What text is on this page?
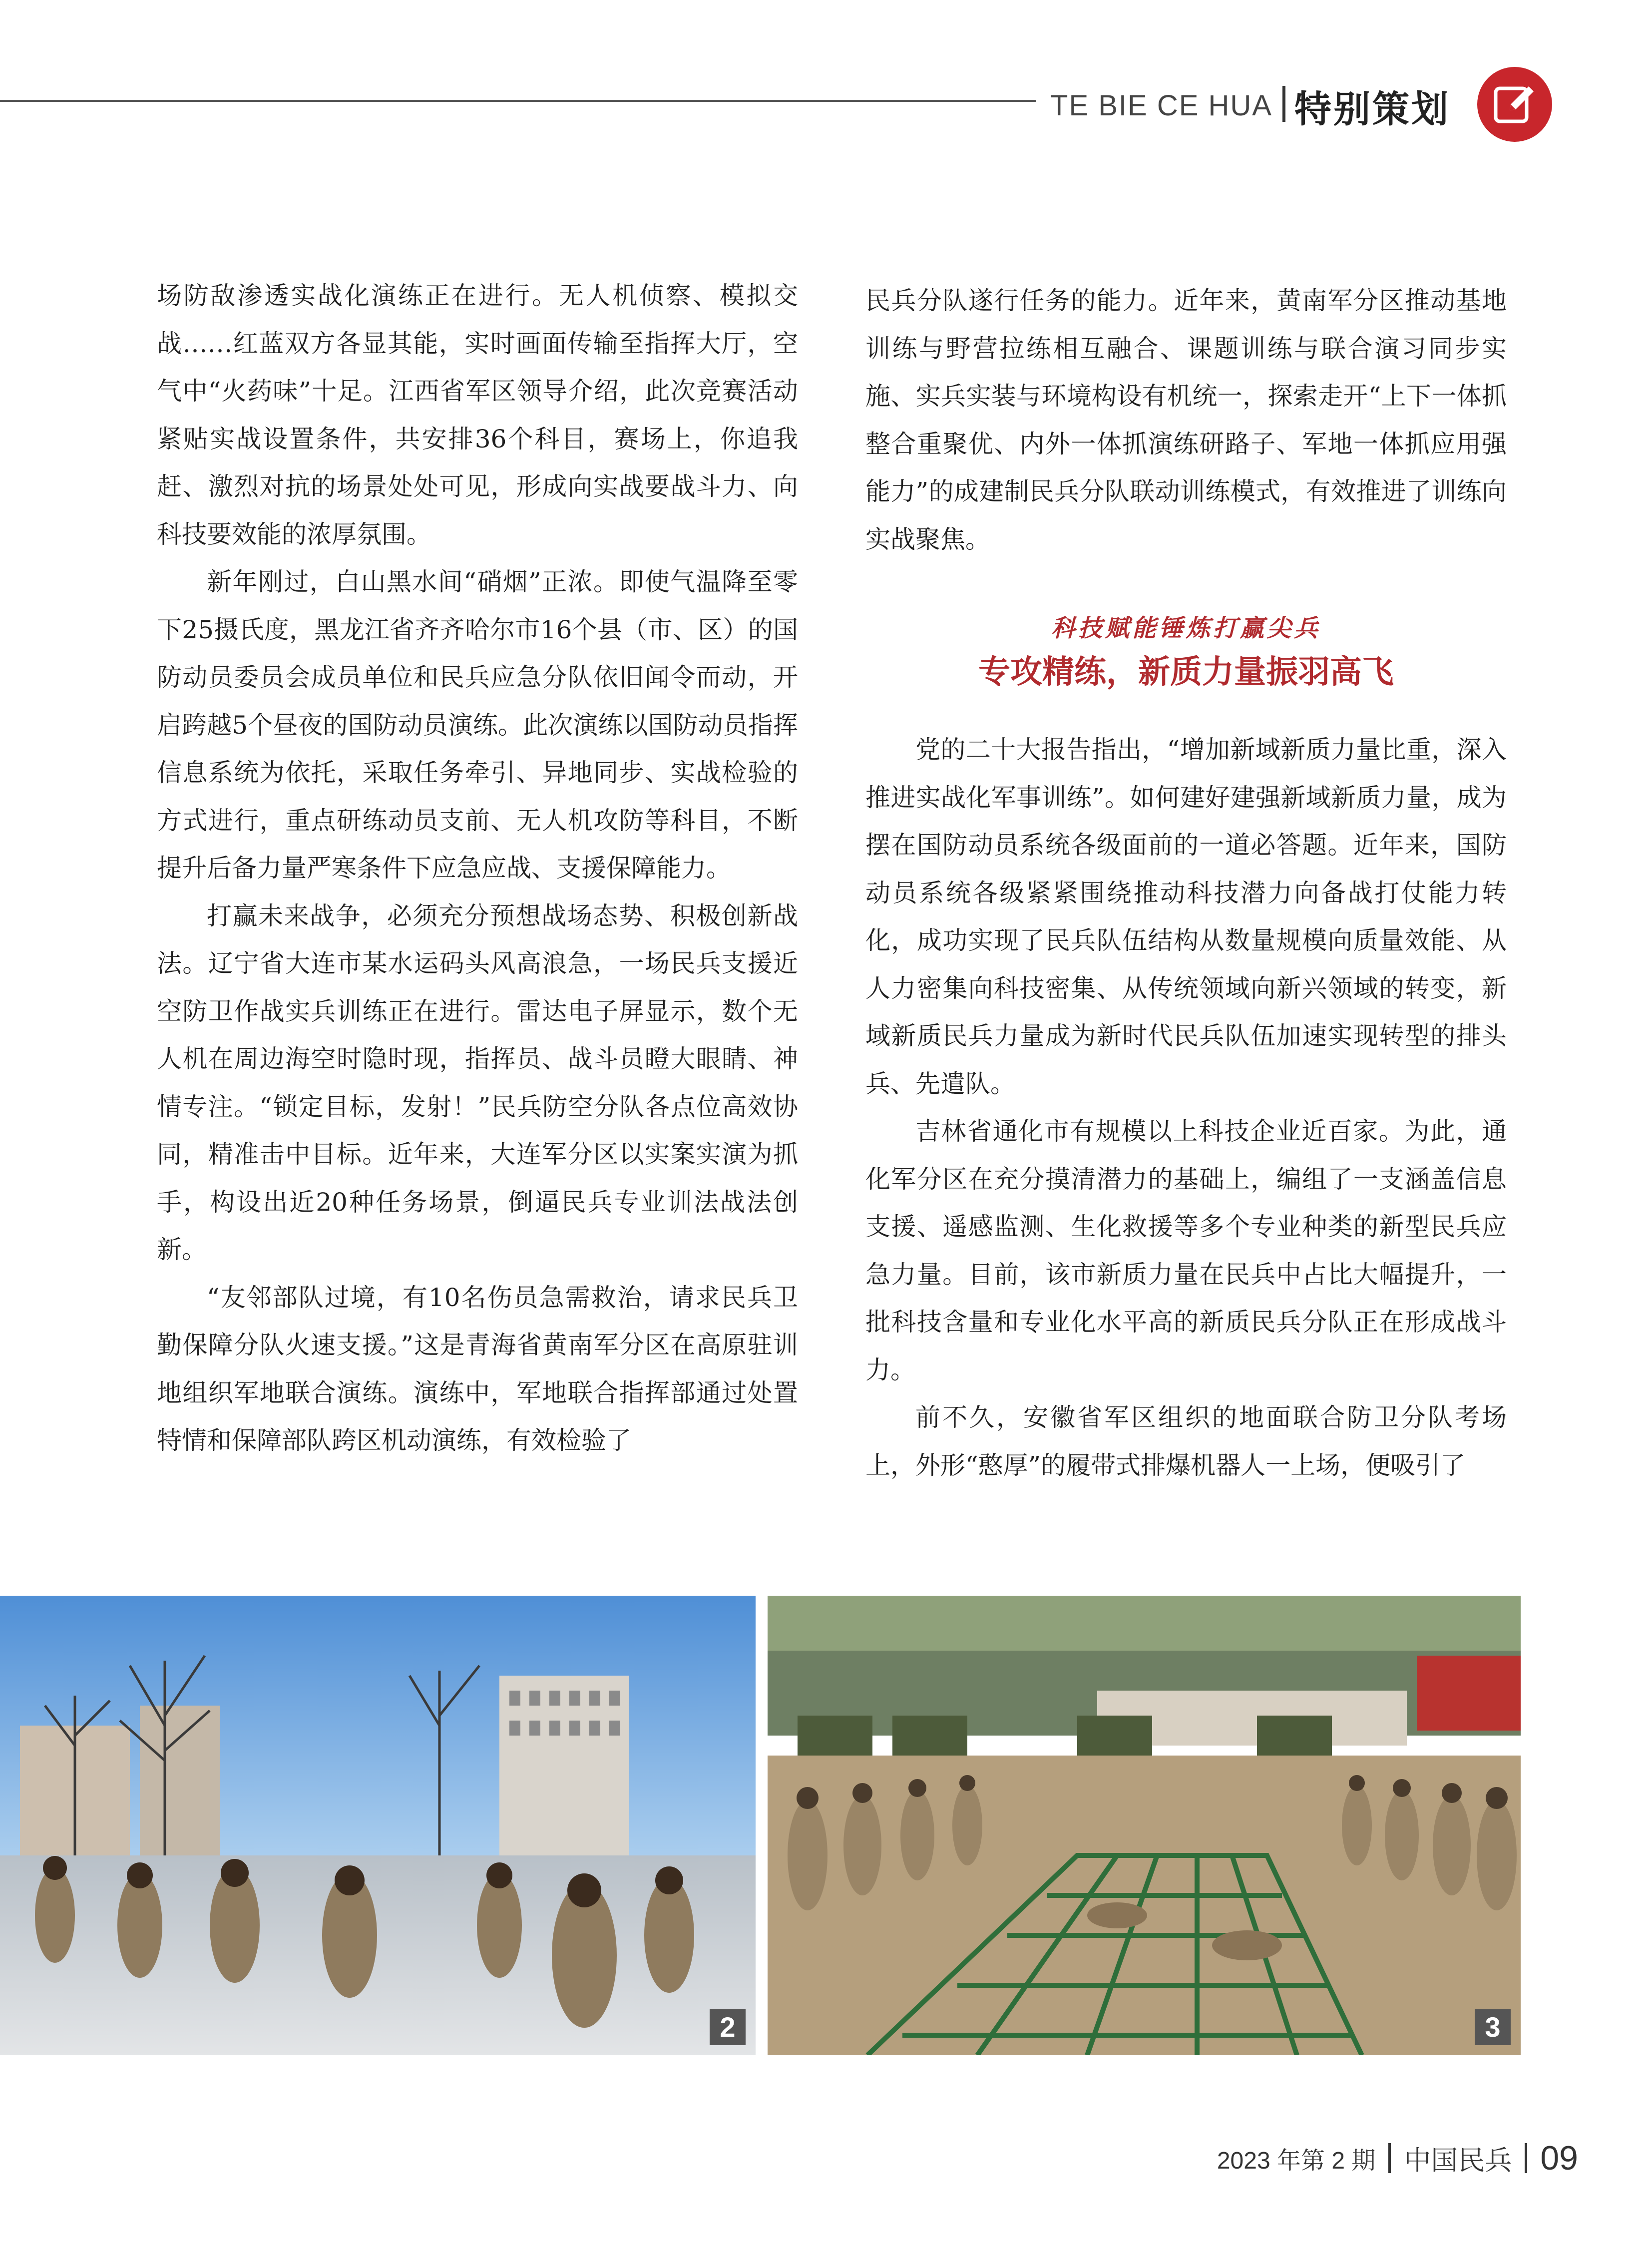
TE BIE CE HUA 特别策划

场防敌渗透实战化演练正在进行。无人机侦察、模拟交战……红蓝双方各显其能，实时画面传输至指挥大厅，空气中“火药味”十足。江西省军区领导介绍，此次竞赛活动紧贴实战设置条件，共安排36个科目，赛场上，你追我赶、激烈对抗的场景处处可见，形成向实战要战斗力、向科技要效能的浓厚氛围。

新年刚过，白山黑水间“硝烟”正浓。即使气温降至零下25摄氏度，黑龙江省齐齐哈尔市16个县（市、区）的国防动员委员会成员单位和民兵应急分队依旧闻令而动，开启跨越5个昼夜的国防动员演练。此次演练以国防动员指挥信息系统为依托，采取任务牵引、异地同步、实战检验的方式进行，重点研练动员支前、无人机攻防等科目，不断提升后备力量严寒条件下应急应战、支援保障能力。

打赢未来战争，必须充分预想战场态势、积极创新战法。辽宁省大连市某水运码头风高浪急，一场民兵支援近空防卫作战实兵训练正在进行。雷达电子屏显示，数个无人机在周边海空时隐时现，指挥员、战斗员瞪大眼睛、神情专注。“锁定目标，发射！”民兵防空分队各点位高效协同，精准击中目标。近年来，大连军分区以实案实演为抓手，构设出近20种任务场景，倒逼民兵专业训法战法创新。

“友邻部队过境，有10名伤员急需救治，请求民兵卫勤保障分队火速支援。”这是青海省黄南军分区在高原驻训地组织军地联合演练。演练中，军地联合指挥部通过处置特情和保障部队跨区机动演练，有效检验了

民兵分队遂行任务的能力。近年来，黄南军分区推动基地训练与野营拉练相互融合、课题训练与联合演习同步实施、实兵实装与环境构设有机统一，探索走开“上下一体抓整合重聚优、内外一体抓演练研路子、军地一体抓应用强能力”的成建制民兵分队联动训练模式，有效推进了训练向实战聚焦。

科技赋能锤炼打赢尖兵
专攻精练，新质力量振羽高飞

党的二十大报告指出，“增加新域新质力量比重，深入推进实战化军事训练”。如何建好建强新域新质力量，成为摆在国防动员系统各级面前的一道必答题。近年来，国防动员系统各级紧紧围绕推动科技潜力向备战打仗能力转化，成功实现了民兵队伍结构从数量规模向质量效能、从人力密集向科技密集、从传统领域向新兴领域的转变，新域新质民兵力量成为新时代民兵队伍加速实现转型的排头兵、先遣队。

吉林省通化市有规模以上科技企业近百家。为此，通化军分区在充分摸清潜力的基础上，编组了一支涵盖信息支援、遥感监测、生化救援等多个专业种类的新型民兵应急力量。目前，该市新质力量在民兵中占比大幅提升，一批科技含量和专业化水平高的新质民兵分队正在形成战斗力。

前不久，安徽省军区组织的地面联合防卫分队考场上，外形“憨厚”的履带式排爆机器人一上场，便吸引了

2	3
2023 年第 2 期 中国民兵 09
